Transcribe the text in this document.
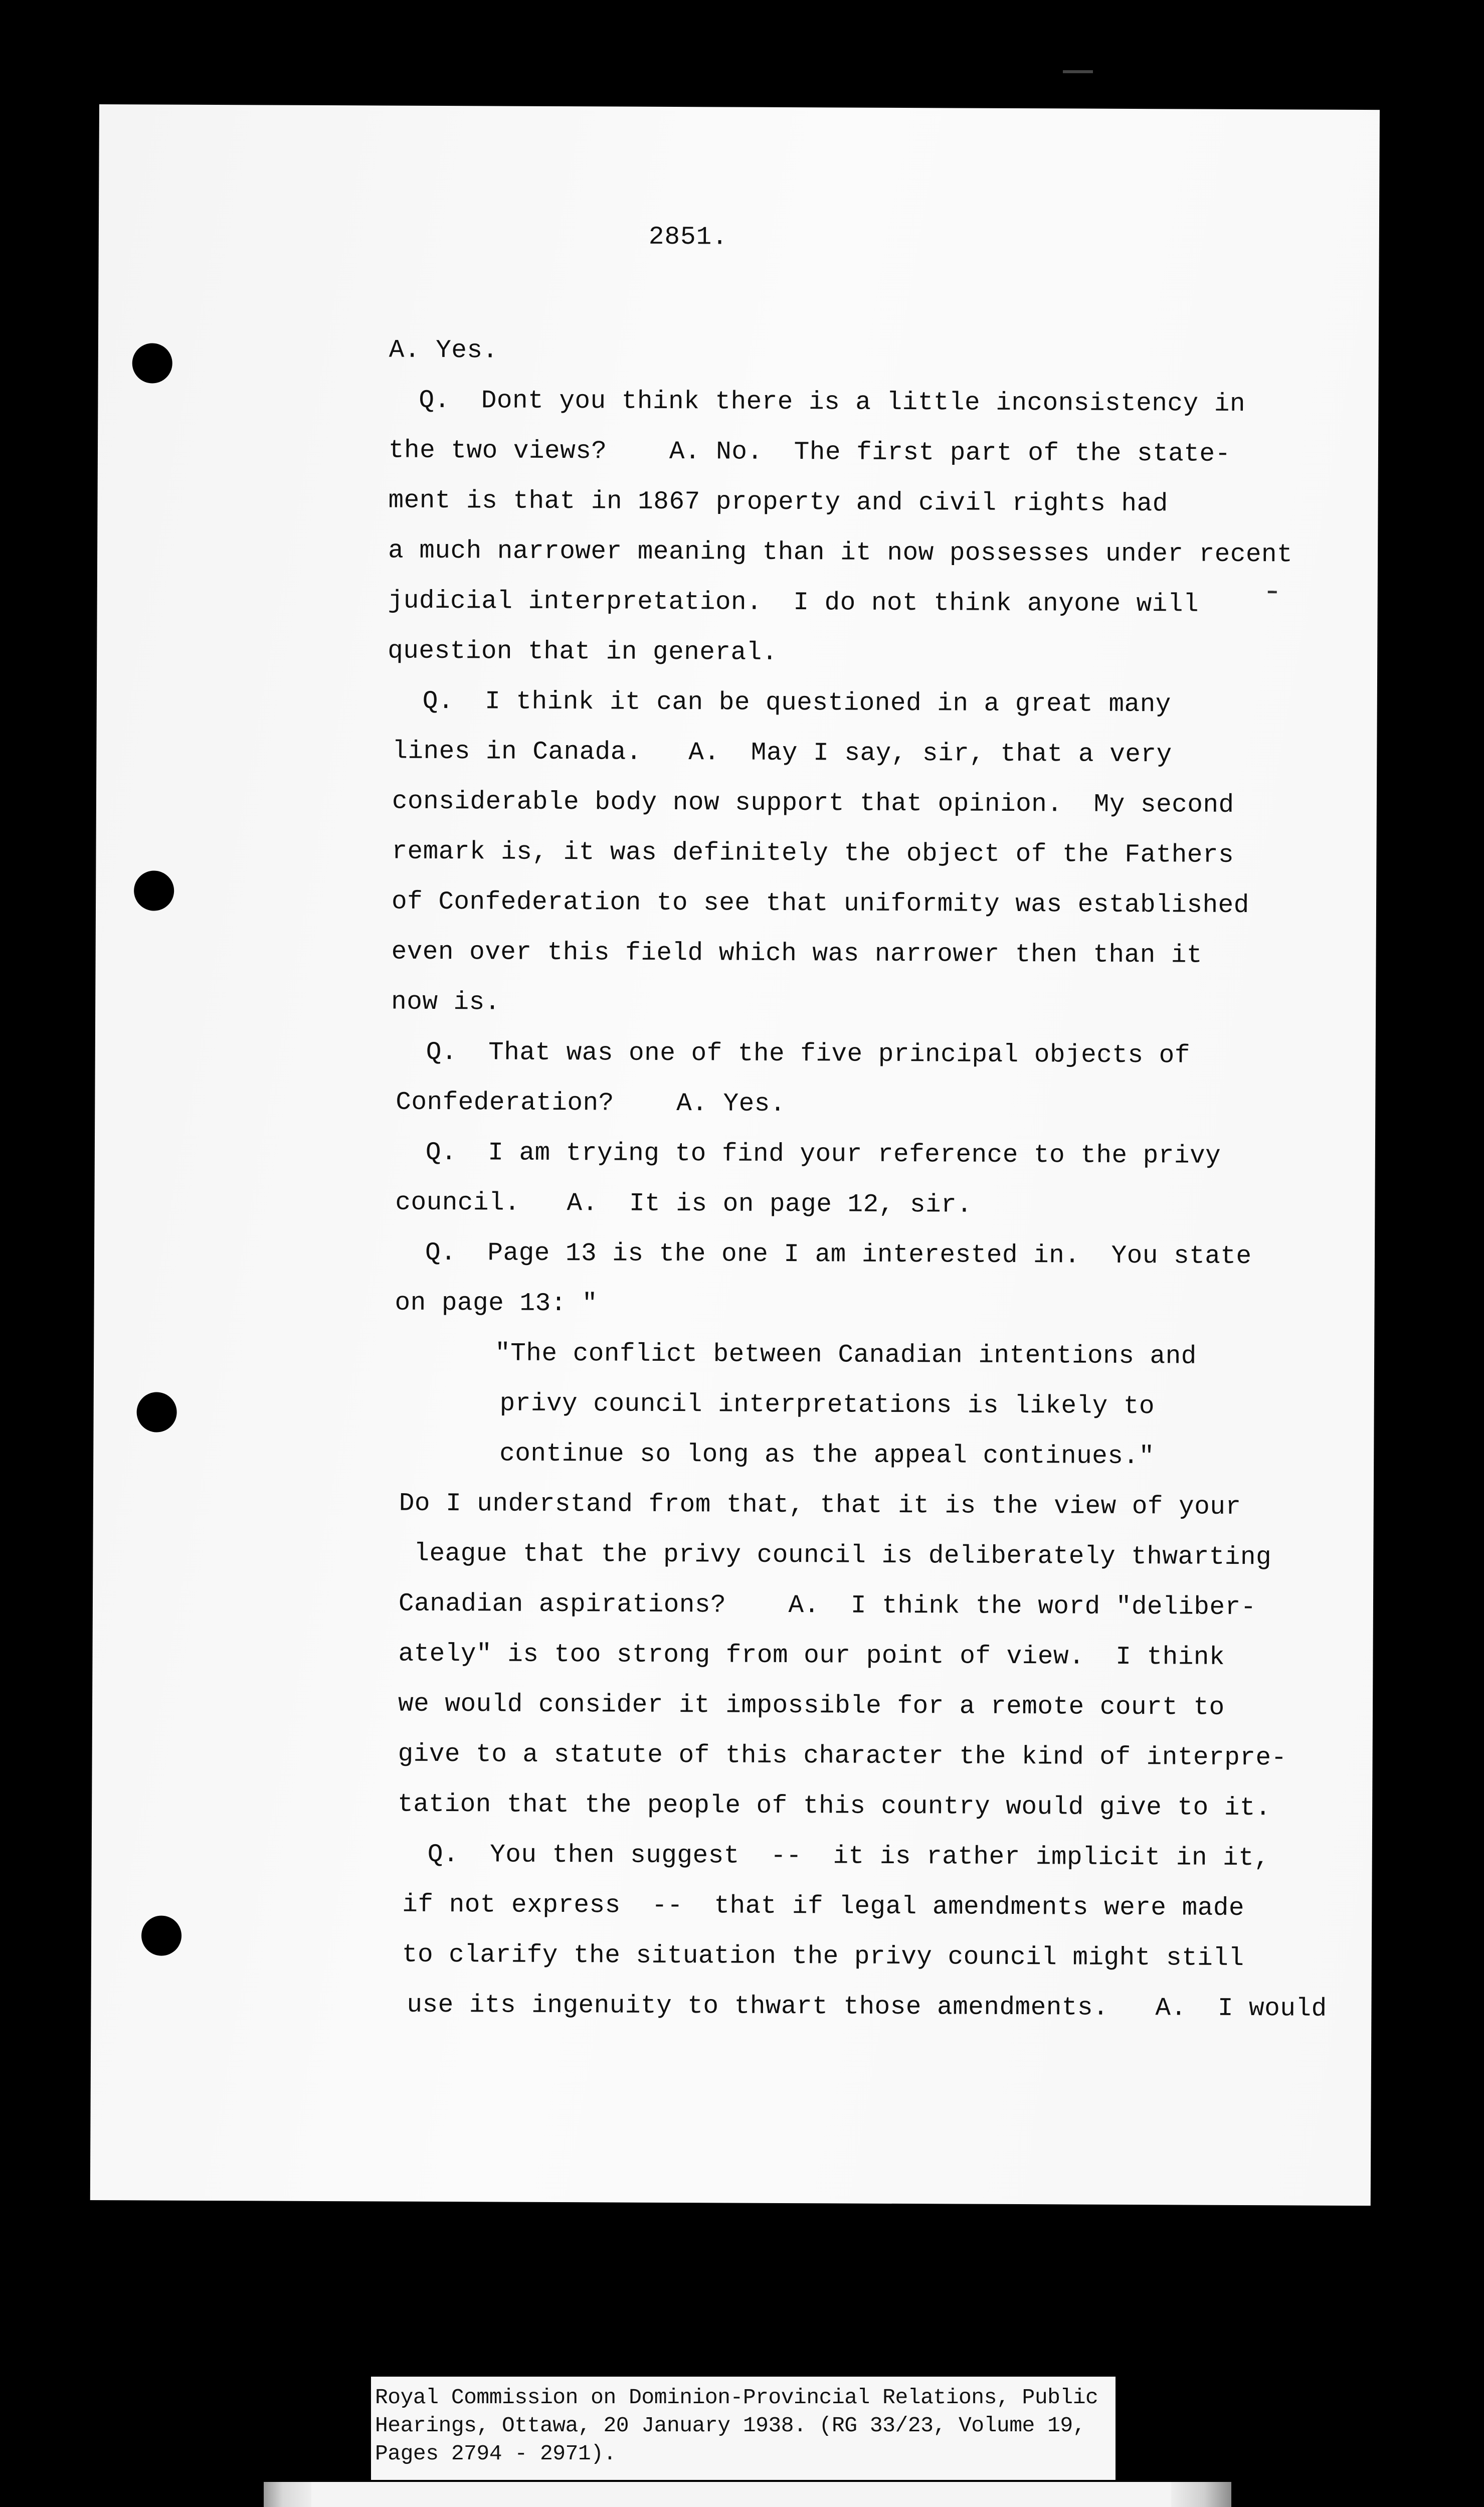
2851.
A. Yes.
Q.  Dont you think there is a little inconsistency in
the two views?    A. No.  The first part of the state-
ment is that in 1867 property and civil rights had
a much narrower meaning than it now possesses under recent
judicial interpretation.  I do not think anyone will
question that in general.
Q.  I think it can be questioned in a great many
lines in Canada.   A.  May I say, sir, that a very
considerable body now support that opinion.  My second
remark is, it was definitely the object of the Fathers
of Confederation to see that uniformity was established
even over this field which was narrower then than it
now is.
Q.  That was one of the five principal objects of
Confederation?    A. Yes.
Q.  I am trying to find your reference to the privy
council.   A.  It is on page 12, sir.
Q.  Page 13 is the one I am interested in.  You state
on page 13: "
"The conflict between Canadian intentions and
privy council interpretations is likely to
continue so long as the appeal continues."
Do I understand from that, that it is the view of your
league that the privy council is deliberately thwarting
Canadian aspirations?    A.  I think the word "deliber-
ately" is too strong from our point of view.  I think
we would consider it impossible for a remote court to
give to a statute of this character the kind of interpre-
tation that the people of this country would give to it.
Q.  You then suggest  --  it is rather implicit in it,
if not express  --  that if legal amendments were made
to clarify the situation the privy council might still
use its ingenuity to thwart those amendments.   A.  I would
Royal Commission on Dominion-Provincial Relations, Public
Hearings, Ottawa, 20 January 1938. (RG 33/23, Volume 19,
Pages 2794 - 2971).
